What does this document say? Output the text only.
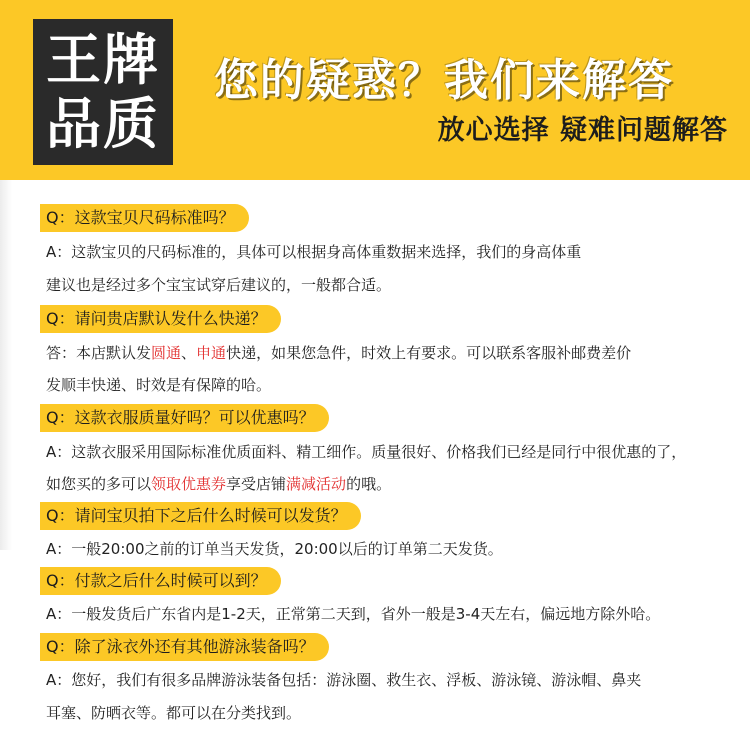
王牌
品质
您的疑惑？我们来解答
放心选择 疑难问题解答
Q：这款宝贝尺码标准吗？
A：这款宝贝的尺码标准的，具体可以根据身高体重数据来选择，我们的身高体重
建议也是经过多个宝宝试穿后建议的，一般都合适。
Q：请问贵店默认发什么快递？
答：本店默认发圆通、申通快递，如果您急件，时效上有要求。可以联系客服补邮费差价
发顺丰快递、时效是有保障的哈。
Q：这款衣服质量好吗？可以优惠吗？
A：这款衣服采用国际标准优质面料、精工细作。质量很好、价格我们已经是同行中很优惠的了，
如您买的多可以领取优惠券享受店铺满减活动的哦。
Q：请问宝贝拍下之后什么时候可以发货？
A：一般20:00之前的订单当天发货，20:00以后的订单第二天发货。
Q：付款之后什么时候可以到？
A：一般发货后广东省内是1-2天，正常第二天到，省外一般是3-4天左右，偏远地方除外哈。
Q：除了泳衣外还有其他游泳装备吗？
A：您好，我们有很多品牌游泳装备包括：游泳圈、救生衣、浮板、游泳镜、游泳帽、鼻夹
耳塞、防晒衣等。都可以在分类找到。
